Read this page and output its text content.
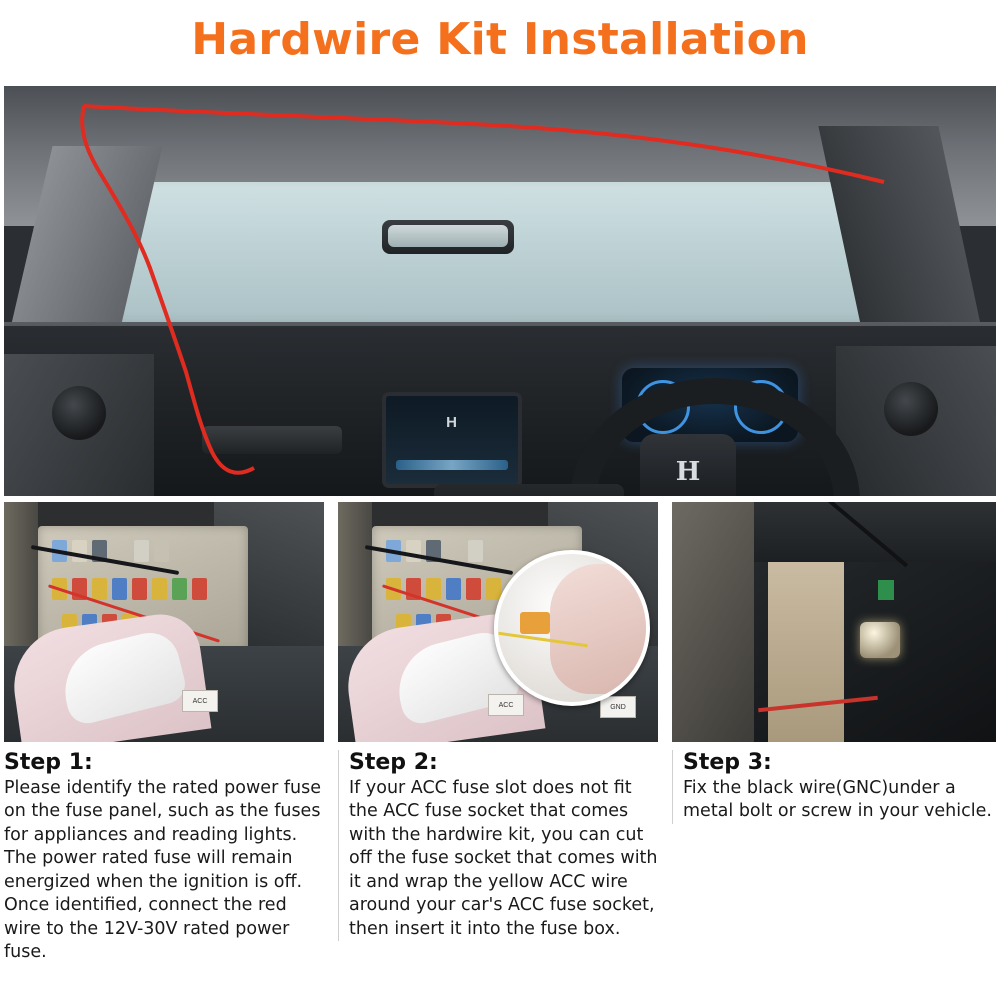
Hardwire Kit Installation
H
H
ACC
ACC	GND

Step 1:

Please identify the rated power fuse on the fuse panel, such as the fuses for appliances and reading lights. The power rated fuse will remain energized when the ignition is off. Once identified, connect the red wire to the 12V-30V rated power fuse.

Step 2:

If your ACC fuse slot does not fit the ACC fuse socket that comes with the hardwire kit, you can cut off the fuse socket that comes with it and wrap the yellow ACC wire around your car's ACC fuse socket, then insert it into the fuse box.

Step 3:

Fix the black wire(GNC)under a metal bolt or screw in your vehicle.
